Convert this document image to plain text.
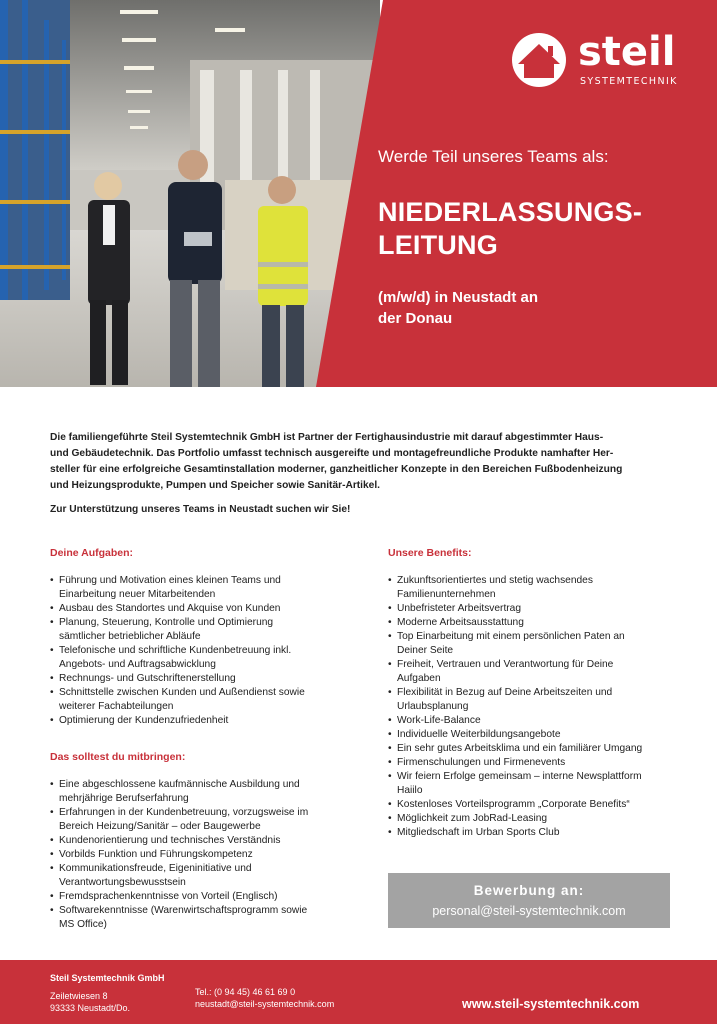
steil
SYSTEMTECHNIK
Werde Teil unseres Teams als:
NIEDERLASSUNGS-
LEITUNG
(m/w/d) in Neustadt an
der Donau
Die familiengeführte Steil Systemtechnik GmbH ist Partner der Fertighausindustrie mit darauf abgestimmter Haus-
und Gebäudetechnik. Das Portfolio umfasst technisch ausgereifte und montagefreundliche Produkte namhafter Her-
steller für eine erfolgreiche Gesamtinstallation moderner, ganzheitlicher Konzepte in den Bereichen Fußbodenheizung
und Heizungsprodukte, Pumpen und Speicher sowie Sanitär-Artikel.
Zur Unterstützung unseres Teams in Neustadt suchen wir Sie!
Deine Aufgaben:
• Führung und Motivation eines kleinen Teams und
Einarbeitung neuer Mitarbeitenden
• Ausbau des Standortes und Akquise von Kunden
• Planung, Steuerung, Kontrolle und Optimierung
sämtlicher betrieblicher Abläufe
• Telefonische und schriftliche Kundenbetreuung inkl.
Angebots- und Auftragsabwicklung
• Rechnungs- und Gutschriftenerstellung
• Schnittstelle zwischen Kunden und Außendienst sowie
weiterer Fachabteilungen
• Optimierung der Kundenzufriedenheit
Das solltest du mitbringen:
• Eine abgeschlossene kaufmännische Ausbildung und
mehrjährige Berufserfahrung
• Erfahrungen in der Kundenbetreuung, vorzugsweise im
Bereich Heizung/Sanitär – oder Baugewerbe
• Kundenorientierung und technisches Verständnis
• Vorbilds Funktion und Führungskompetenz
• Kommunikationsfreude, Eigeninitiative und
Verantwortungsbewusstsein
• Fremdsprachenkenntnisse von Vorteil (Englisch)
• Softwarekenntnisse (Warenwirtschaftsprogramm sowie
MS Office)
Unsere Benefits:
• Zukunftsorientiertes und stetig wachsendes
Familienunternehmen
• Unbefristeter Arbeitsvertrag
• Moderne Arbeitsausstattung
• Top Einarbeitung mit einem persönlichen Paten an
Deiner Seite
• Freiheit, Vertrauen und Verantwortung für Deine
Aufgaben
• Flexibilität in Bezug auf Deine Arbeitszeiten und
Urlaubsplanung
• Work-Life-Balance
• Individuelle Weiterbildungsangebote
• Ein sehr gutes Arbeitsklima und ein familiärer Umgang
• Firmenschulungen und Firmenevents
• Wir feiern Erfolge gemeinsam – interne Newsplattform
Haiilo
• Kostenloses Vorteilsprogramm „Corporate Benefits“
• Möglichkeit zum JobRad-Leasing
• Mitgliedschaft im Urban Sports Club
Bewerbung an:
personal@steil-systemtechnik.com
Steil Systemtechnik GmbH
Zeiletwiesen 8
93333 Neustadt/Do.
Tel.: (0 94 45) 46 61 69 0
neustadt@steil-systemtechnik.com	www.steil-systemtechnik.com
